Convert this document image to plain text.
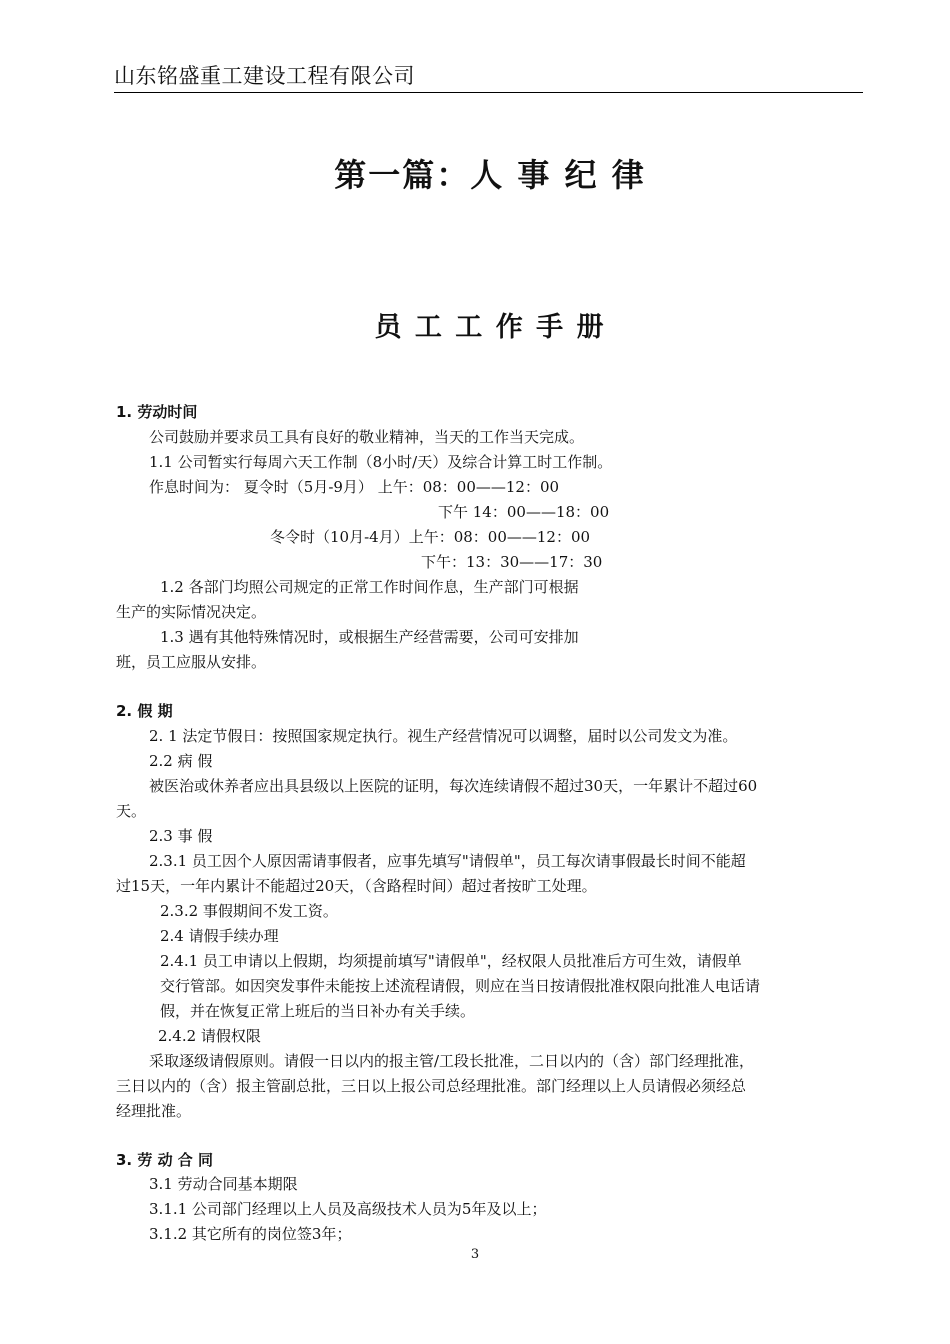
山东铭盛重工建设工程有限公司
第一篇：人 事 纪 律
员 工 工 作 手 册
1. 劳动时间
公司鼓励并要求员工具有良好的敬业精神，当天的工作当天完成。
1.1 公司暂实行每周六天工作制（8小时/天）及综合计算工时工作制。
作息时间为： 夏令时（5月-9月） 上午：08：00——12：00
下午 14：00——18：00
冬令时（10月-4月）上午：08：00——12：00
下午：13：30——17：30
1.2 各部门均照公司规定的正常工作时间作息，生产部门可根据
生产的实际情况决定。
1.3 遇有其他特殊情况时，或根据生产经营需要，公司可安排加
班，员工应服从安排。
2. 假 期
2. 1 法定节假日：按照国家规定执行。视生产经营情况可以调整，届时以公司发文为准。
2.2 病 假
被医治或休养者应出具县级以上医院的证明，每次连续请假不超过30天，一年累计不超过60
天。
2.3 事 假
2.3.1 员工因个人原因需请事假者，应事先填写"请假单"，员工每次请事假最长时间不能超
过15天，一年内累计不能超过20天，（含路程时间）超过者按旷工处理。
2.3.2 事假期间不发工资。
2.4 请假手续办理
2.4.1 员工申请以上假期，均须提前填写"请假单"，经权限人员批准后方可生效，请假单
交行管部。如因突发事件未能按上述流程请假，则应在当日按请假批准权限向批准人电话请
假，并在恢复正常上班后的当日补办有关手续。
2.4.2 请假权限
采取逐级请假原则。请假一日以内的报主管/工段长批准，二日以内的（含）部门经理批准，
三日以内的（含）报主管副总批，三日以上报公司总经理批准。部门经理以上人员请假必须经总
经理批准。
3. 劳 动 合 同
3.1 劳动合同基本期限
3.1.1 公司部门经理以上人员及高级技术人员为5年及以上；
3.1.2 其它所有的岗位签3年；
3
